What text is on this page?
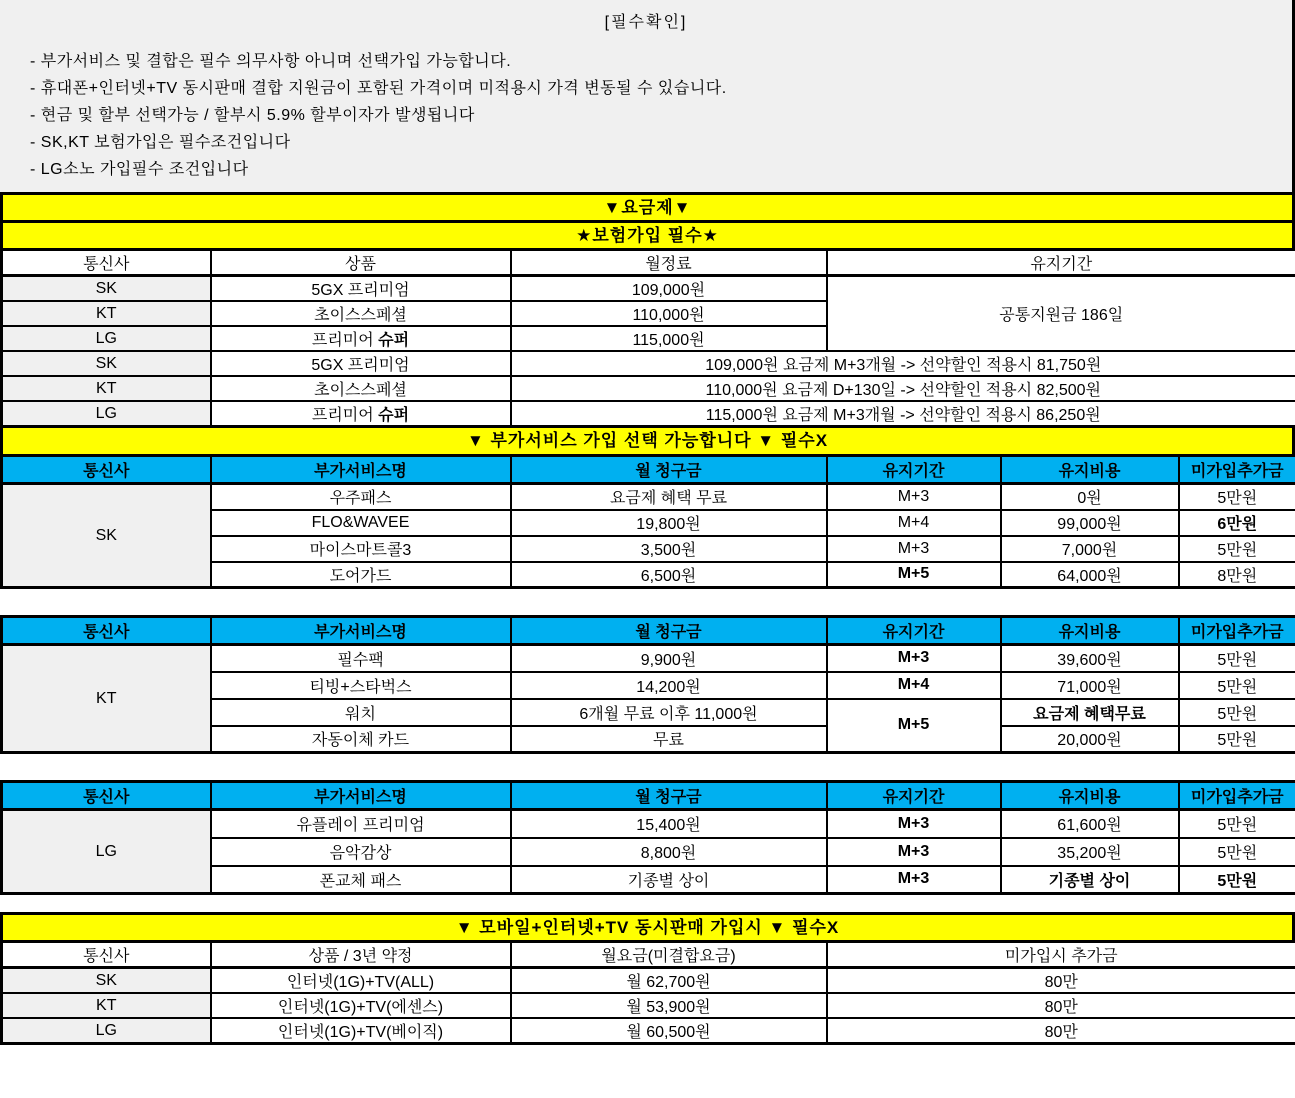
[필수확인]
- 부가서비스 및 결합은 필수 의무사항 아니며 선택가입 가능합니다.
- 휴대폰+인터넷+TV 동시판매 결합 지원금이 포함된 가격이며 미적용시 가격 변동될 수 있습니다.
- 현금 및 할부 선택가능 / 할부시 5.9% 할부이자가 발생됩니다
- SK,KT 보험가입은 필수조건입니다
- LG소노 가입필수 조건입니다
▼요금제▼
★보험가입 필수★
통신사	상품	월정료	유지기간
SK	5GX 프리미엄	109,000원	공통지원금 186일
KT	초이스스페셜	110,000원	
LG	프리미어 슈퍼	115,000원	
SK	5GX 프리미엄	109,000원 요금제 M+3개월 -> 선약할인 적용시 81,750원	
KT	초이스스페셜	110,000원 요금제 D+130일 -> 선약할인 적용시 82,500원	
LG	프리미어 슈퍼	115,000원 요금제 M+3개월 -> 선약할인 적용시 86,250원	
▼ 부가서비스 가입 선택 가능합니다 ▼ 필수X
통신사	부가서비스명	월 청구금	유지기간	유지비용	미가입추가금
SK	우주패스	요금제 혜택 무료	M+3	0원	5만원
	FLO&WAVEE	19,800원	M+4	99,000원	6만원
	마이스마트콜3	3,500원	M+3	7,000원	5만원
	도어가드	6,500원	M+5	64,000원	8만원
통신사	부가서비스명	월 청구금	유지기간	유지비용	미가입추가금
KT	필수팩	9,900원	M+3	39,600원	5만원
	티빙+스타벅스	14,200원	M+4	71,000원	5만원
	워치	6개월 무료 이후 11,000원	M+5	요금제 혜택무료	5만원
	자동이체 카드	무료		20,000원	5만원
통신사	부가서비스명	월 청구금	유지기간	유지비용	미가입추가금
LG	유플레이 프리미엄	15,400원	M+3	61,600원	5만원
	음악감상	8,800원	M+3	35,200원	5만원
	폰교체 패스	기종별 상이	M+3	기종별 상이	5만원
▼ 모바일+인터넷+TV 동시판매 가입시 ▼ 필수X
통신사	상품 / 3년 약정	월요금(미결합요금)	미가입시 추가금
SK	인터넷(1G)+TV(ALL)	월 62,700원	80만
KT	인터넷(1G)+TV(에센스)	월 53,900원	80만
LG	인터넷(1G)+TV(베이직)	월 60,500원	80만
